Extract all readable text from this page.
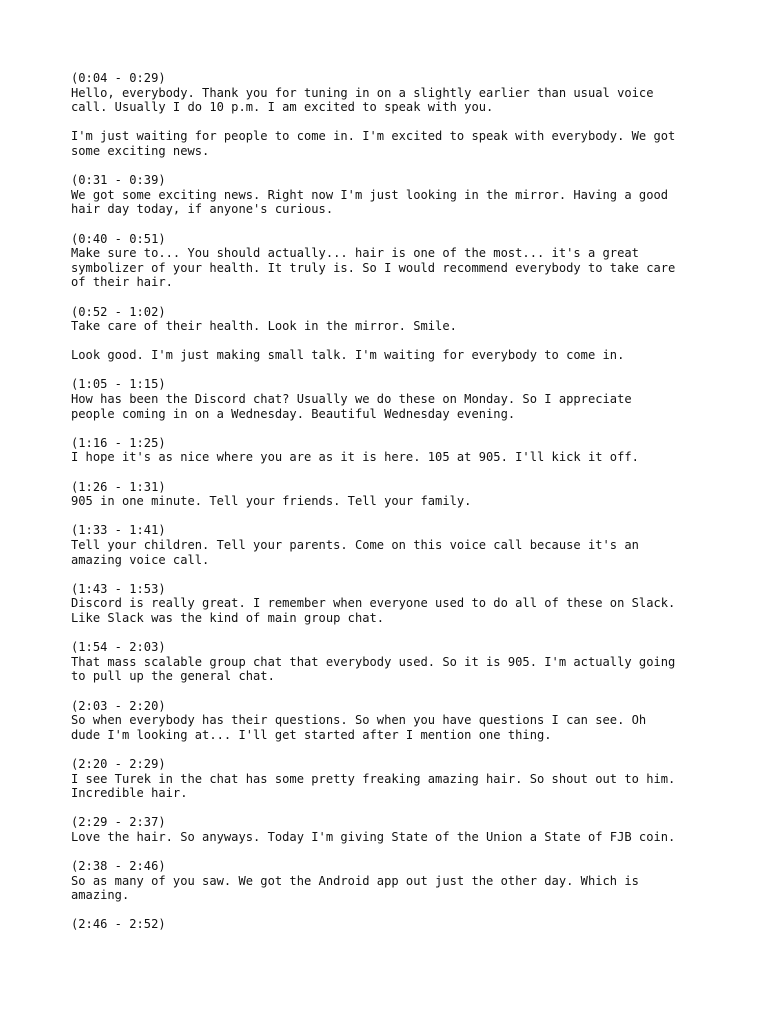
(0:04 - 0:29)
Hello, everybody. Thank you for tuning in on a slightly earlier than usual voice
call. Usually I do 10 p.m. I am excited to speak with you.
I'm just waiting for people to come in. I'm excited to speak with everybody. We got
some exciting news.
(0:31 - 0:39)
We got some exciting news. Right now I'm just looking in the mirror. Having a good
hair day today, if anyone's curious.
(0:40 - 0:51)
Make sure to... You should actually... hair is one of the most... it's a great
symbolizer of your health. It truly is. So I would recommend everybody to take care
of their hair.
(0:52 - 1:02)
Take care of their health. Look in the mirror. Smile.
Look good. I'm just making small talk. I'm waiting for everybody to come in.
(1:05 - 1:15)
How has been the Discord chat? Usually we do these on Monday. So I appreciate
people coming in on a Wednesday. Beautiful Wednesday evening.
(1:16 - 1:25)
I hope it's as nice where you are as it is here. 105 at 905. I'll kick it off.
(1:26 - 1:31)
905 in one minute. Tell your friends. Tell your family.
(1:33 - 1:41)
Tell your children. Tell your parents. Come on this voice call because it's an
amazing voice call.
(1:43 - 1:53)
Discord is really great. I remember when everyone used to do all of these on Slack.
Like Slack was the kind of main group chat.
(1:54 - 2:03)
That mass scalable group chat that everybody used. So it is 905. I'm actually going
to pull up the general chat.
(2:03 - 2:20)
So when everybody has their questions. So when you have questions I can see. Oh
dude I'm looking at... I'll get started after I mention one thing.
(2:20 - 2:29)
I see Turek in the chat has some pretty freaking amazing hair. So shout out to him.
Incredible hair.
(2:29 - 2:37)
Love the hair. So anyways. Today I'm giving State of the Union a State of FJB coin.
(2:38 - 2:46)
So as many of you saw. We got the Android app out just the other day. Which is
amazing.
(2:46 - 2:52)
